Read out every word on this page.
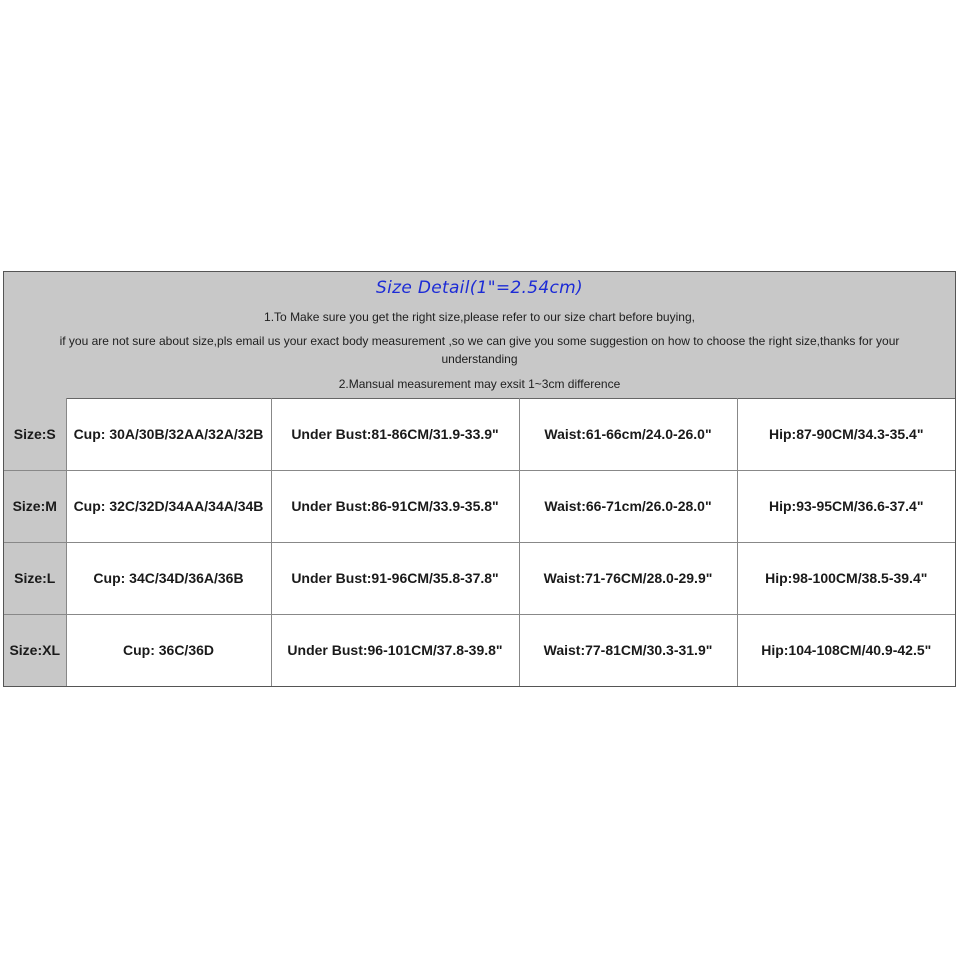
Size Detail(1"=2.54cm)
1.To Make sure you get the right size,please refer to our size chart before buying,
if you are not sure about size,pls email us your exact body measurement ,so we can give you some suggestion on how to choose the right size,thanks for your understanding
2.Mansual measurement may exsit 1~3cm difference
Size:S	Cup: 30A/30B/32AA/32A/32B	Under Bust:81-86CM/31.9-33.9"	Waist:61-66cm/24.0-26.0"	Hip:87-90CM/34.3-35.4"
Size:M	Cup: 32C/32D/34AA/34A/34B	Under Bust:86-91CM/33.9-35.8"	Waist:66-71cm/26.0-28.0"	Hip:93-95CM/36.6-37.4"
Size:L	Cup: 34C/34D/36A/36B	Under Bust:91-96CM/35.8-37.8"	Waist:71-76CM/28.0-29.9"	Hip:98-100CM/38.5-39.4"
Size:XL	Cup: 36C/36D	Under Bust:96-101CM/37.8-39.8"	Waist:77-81CM/30.3-31.9"	Hip:104-108CM/40.9-42.5"
